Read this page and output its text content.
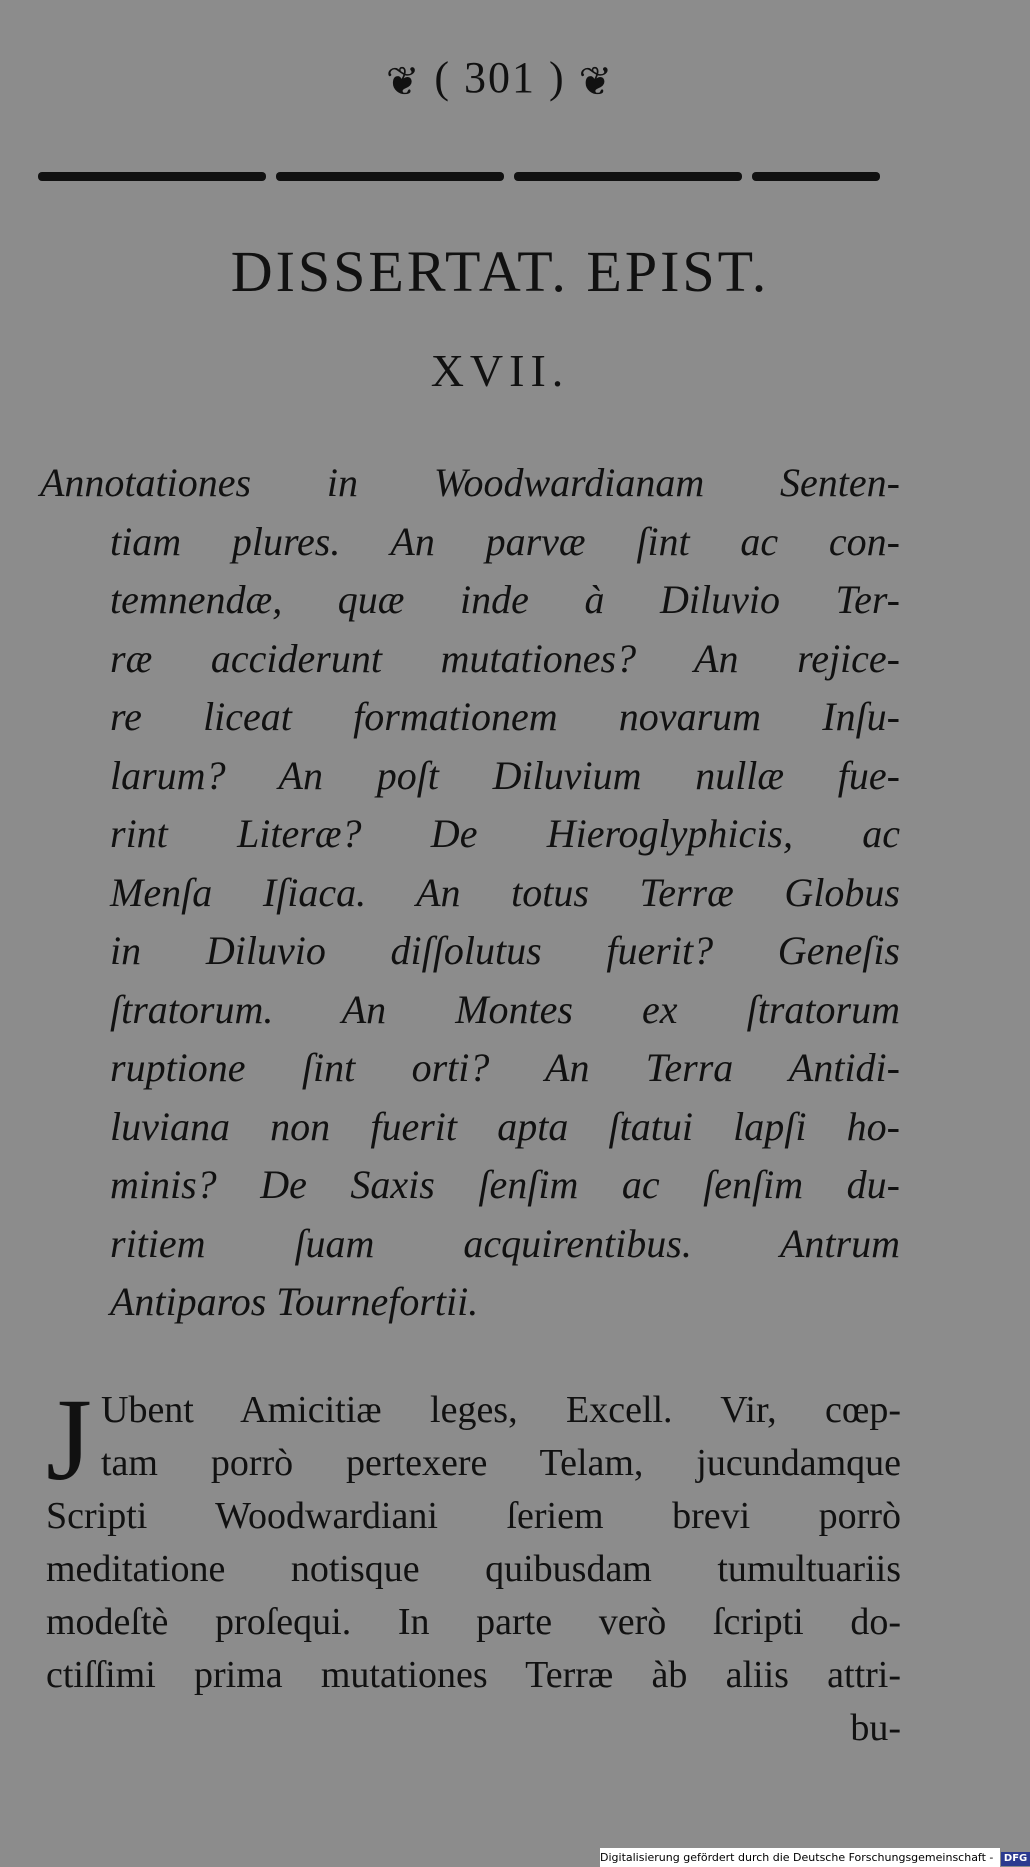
❦ ( 301 ) ❦
DISSERTAT. EPIST.
XVII.
Annotationes in Woodwardianam Senten-
tiam plures. An parvæ ſint ac con-
temnendæ, quæ inde à Diluvio Ter-
ræ acciderunt mutationes? An rejice-
re liceat formationem novarum Inſu-
larum? An poſt Diluvium nullæ fue-
rint Literæ? De Hieroglyphicis, ac
Menſa Iſiaca. An totus Terræ Globus
in Diluvio diſſolutus fuerit? Geneſis
ſtratorum. An Montes ex ſtratorum
ruptione ſint orti? An Terra Antidi-
luviana non fuerit apta ſtatui lapſi ho-
minis? De Saxis ſenſim ac ſenſim du-
ritiem ſuam acquirentibus. Antrum
Antiparos Tournefortii.
J Ubent Amicitiæ leges, Excell. Vir, cœp-
tam porrò pertexere Telam, jucundamque
Scripti Woodwardiani ſeriem brevi porrò
meditatione notisque quibusdam tumultuariis
modeſtè proſequi. In parte verò ſcripti do-
ctiſſimi prima mutationes Terræ àb aliis attri-
bu-
Digitalisierung gefördert durch die Deutsche Forschungsgemeinschaft - DFG
